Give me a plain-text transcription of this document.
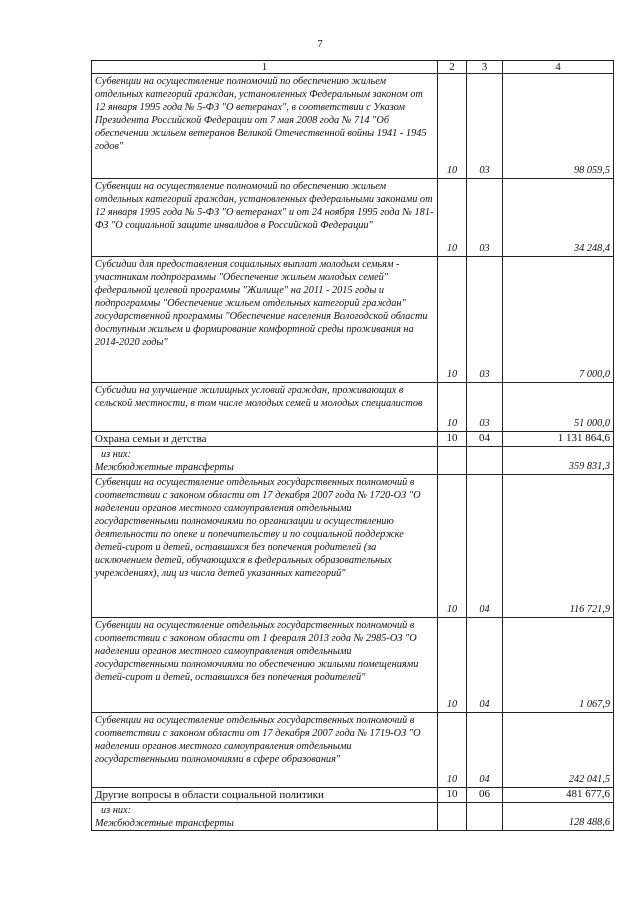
7
1	2	3	4
Субвенции на осуществление полномочий по обеспечению жильем отдельных категорий граждан, установленных Федеральным законом от 12 января 1995 года № 5-ФЗ "О ветеранах", в соответствии с Указом Президента Российской Федерации от 7 мая 2008 года № 714 "Об обеспечении жильем ветеранов Великой Отечественной войны 1941 - 1945 годов"	10	03	98 059,5
Субвенции на осуществление полномочий по обеспечению жильем отдельных категорий граждан, установленных федеральными законами от 12 января 1995 года № 5-ФЗ "О ветеранах" и от 24 ноября 1995 года № 181-ФЗ "О социальной защите инвалидов в Российской Федерации"	10	03	34 248,4
Субсидии для предоставления социальных выплат молодым семьям - участникам подпрограммы "Обеспечение жильем молодых семей" федеральной целевой программы "Жилище" на 2011 - 2015 годы и подпрограммы "Обеспечение жильем отдельных категорий граждан" государственной программы "Обеспечение населения Вологодской области доступным жильем и формирование комфортной среды проживания на 2014-2020 годы"	10	03	7 000,0
Субсидии на улучшение жилищных условий граждан, проживающих в сельской местности, в том числе молодых семей и молодых специалистов	10	03	51 000,0
Охрана семьи и детства	10	04	1 131 864,6

из них:
Межбюджетные трансферты			359 831,3
Субвенции на осуществление отдельных государственных полномочий в соответствии с законом области от 17 декабря 2007 года № 1720-ОЗ "О наделении органов местного самоуправления отдельными государственными полномочиями по организации и осуществлению деятельности по опеке и попечительству и по социальной поддержке детей-сирот и детей, оставшихся без попечения родителей (за исключением детей, обучающихся в федеральных образовательных учреждениях), лиц из числа детей указанных категорий"	10	04	116 721,9
Субвенции на осуществление отдельных государственных полномочий в соответствии с законом области от 1 февраля 2013 года № 2985-ОЗ "О наделении органов местного самоуправления отдельными государственными полномочиями по обеспечению жилыми помещениями детей-сирот и детей, оставшихся без попечения родителей"	10	04	1 067,9
Субвенции на осуществление отдельных государственных полномочий в соответствии с законом области от 17 декабря 2007 года № 1719-ОЗ "О наделении органов местного самоуправления отдельными государственными полномочиями в сфере образования"	10	04	242 041,5
Другие вопросы в области социальной политики	10	06	481 677,6

из них:
Межбюджетные трансферты			128 488,6
